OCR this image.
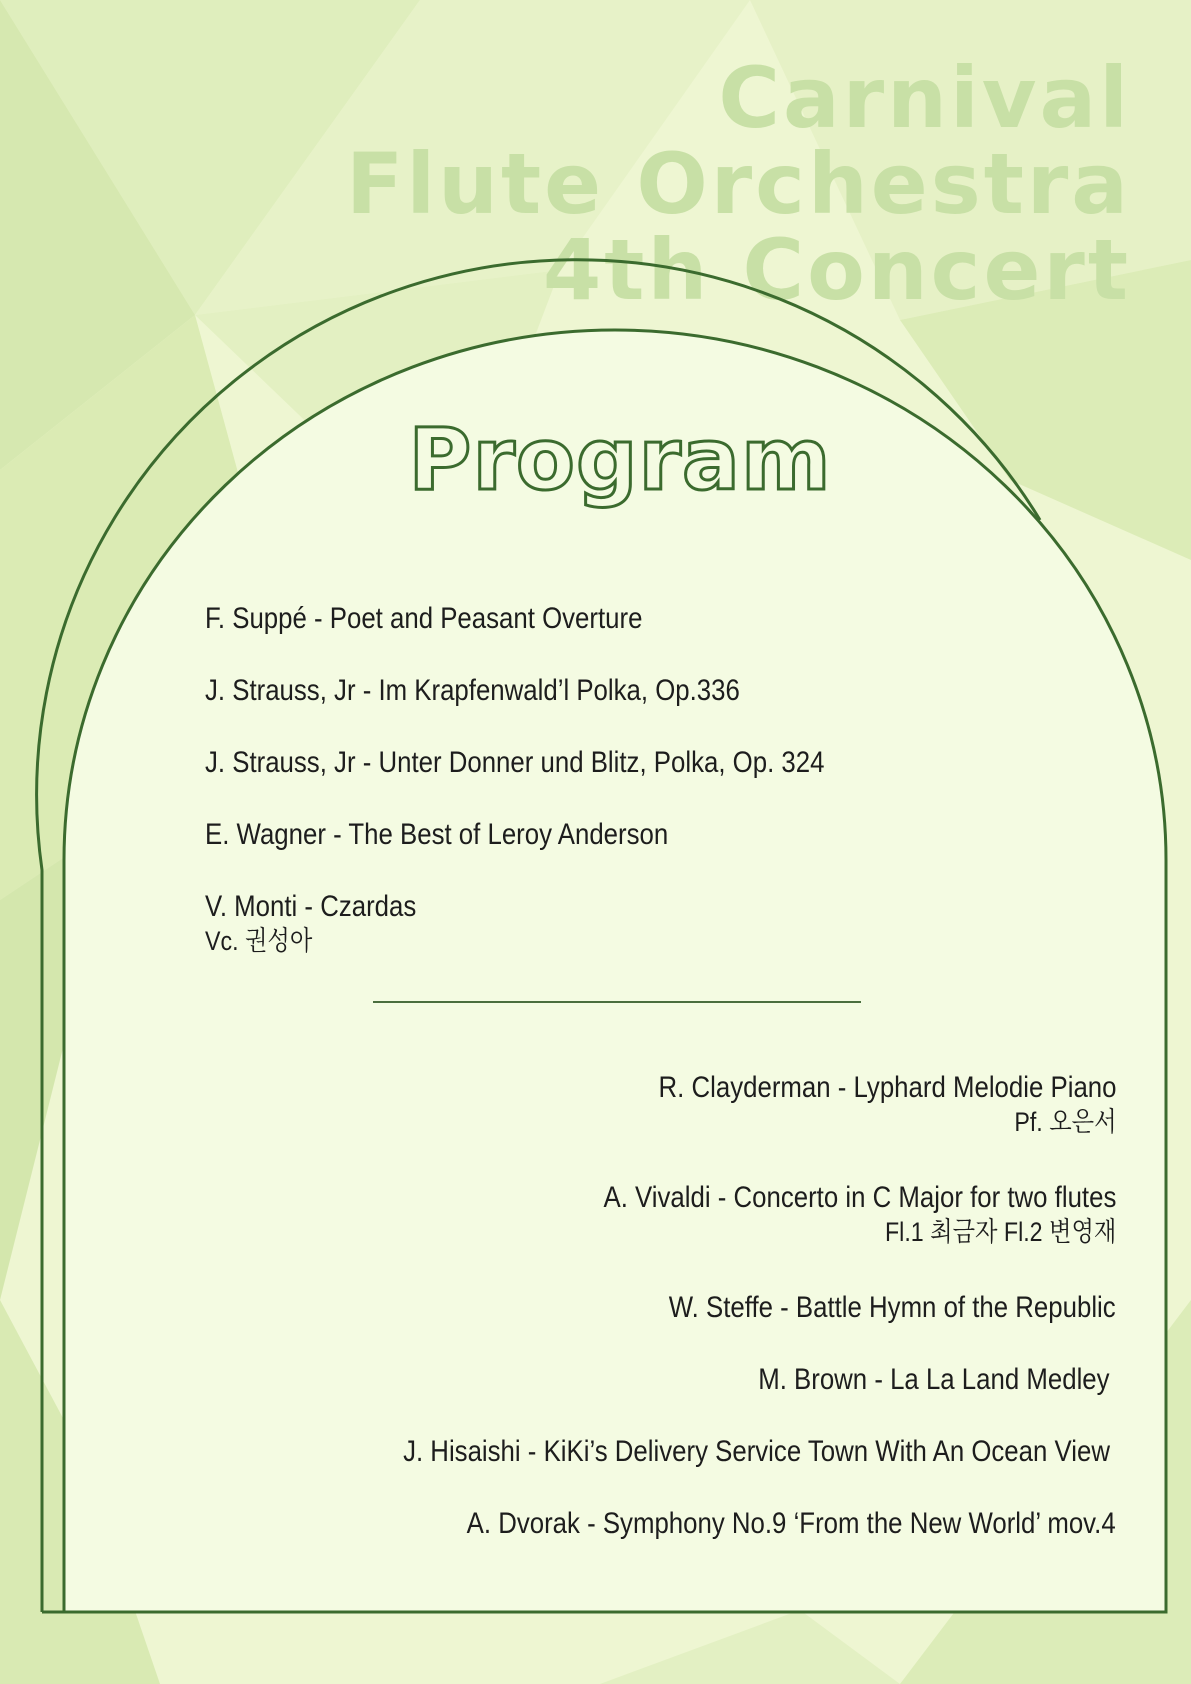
Carnival
Flute Orchestra
4th Concert
Program
F. Suppé - Poet and Peasant Overture
J. Strauss, Jr - Im Krapfenwald’l Polka, Op.336
J. Strauss, Jr - Unter Donner und Blitz, Polka, Op. 324
E. Wagner - The Best of Leroy Anderson
V. Monti - Czardas
Vc. 권성아
R. Clayderman - Lyphard Melodie Piano
Pf. 오은서
A. Vivaldi - Concerto in C Major for two flutes
Fl.1 최금자 Fl.2 변영재
W. Steffe - Battle Hymn of the Republic
M. Brown - La La Land Medley
J. Hisaishi - KiKi’s Delivery Service Town With An Ocean View
A. Dvorak - Symphony No.9 ‘From the New World’ mov.4
